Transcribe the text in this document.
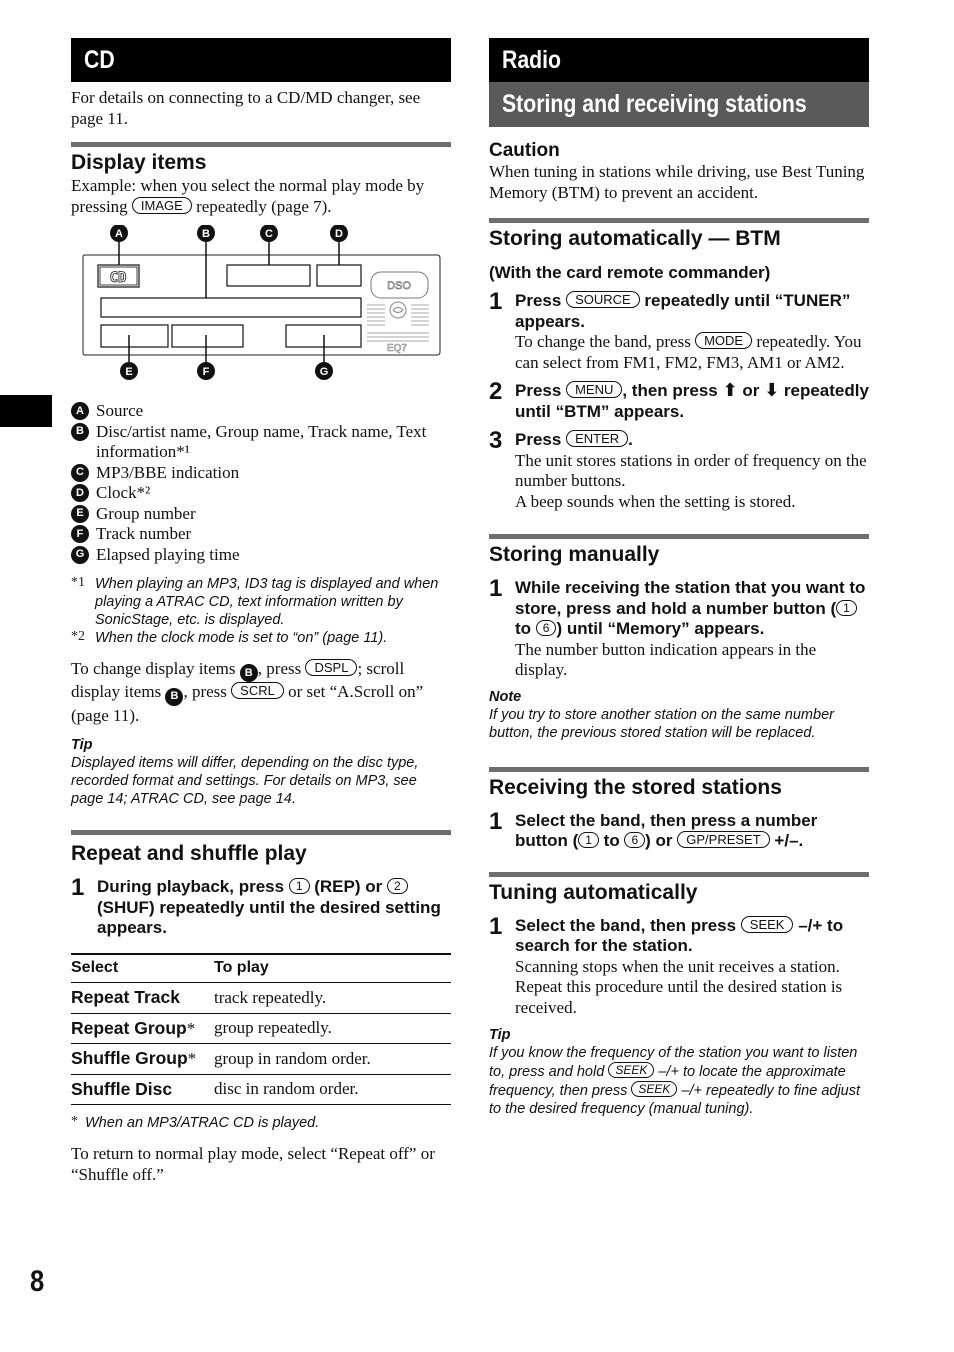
CD

For details on connecting to a CD/MD changer, see page 11.

Display items

Example: when you select the normal play mode by pressing IMAGE repeatedly (page 7).

A	B	C	D
E	F	G
CD	DSO
EQ7
A Source
B Disc/artist name, Group name, Track name, Text information*¹
C MP3/BBE indication
D Clock*²
E Group number
F Track number
G Elapsed playing time
*1 When playing an MP3, ID3 tag is displayed and when playing a ATRAC CD, text information written by SonicStage, etc. is displayed.
*2 When the clock mode is set to “on” (page 11).

To change display items B , press DSPL ; scroll display items B , press SCRL or set “A.Scroll on” (page 11).

Tip
Displayed items will differ, depending on the disc type, recorded format and settings. For details on MP3, see page 14; ATRAC CD, see page 14.
Repeat and shuffle play
1 During playback, press 1 (REP) or 2 (SHUF) repeatedly until the desired setting appears.
Select	To play
Repeat Track	track repeatedly.
Repeat Group*	group repeatedly.
Shuffle Group*	group in random order.
Shuffle Disc	disc in random order.
* When an MP3/ATRAC CD is played.

To return to normal play mode, select “Repeat off” or “Shuffle off.”

Radio
Storing and receiving stations
Caution

When tuning in stations while driving, use Best Tuning Memory (BTM) to prevent an accident.

Storing automatically — BTM
(With the card remote commander)
1 Press SOURCE repeatedly until “TUNER” appears.

To change the band, press MODE repeatedly. You can select from FM1, FM2, FM3, AM1 or AM2.

2 Press MENU , then press ⬆ or ⬇ repeatedly until “BTM” appears.
3 Press ENTER .

The unit stores stations in order of frequency on the number buttons.

A beep sounds when the setting is stored.

Storing manually
1 While receiving the station that you want to store, press and hold a number button ( 1 to 6 ) until “Memory” appears.

The number button indication appears in the display.

Note
If you try to store another station on the same number button, the previous stored station will be replaced.
Receiving the stored stations
1 Select the band, then press a number button ( 1 to 6 ) or GP/PRESET +/–.
Tuning automatically
1 Select the band, then press SEEK –/+ to search for the station.

Scanning stops when the unit receives a station. Repeat this procedure until the desired station is received.

Tip
If you know the frequency of the station you want to listen to, press and hold SEEK –/+ to locate the approximate frequency, then press SEEK –/+ repeatedly to fine adjust to the desired frequency (manual tuning).
8
